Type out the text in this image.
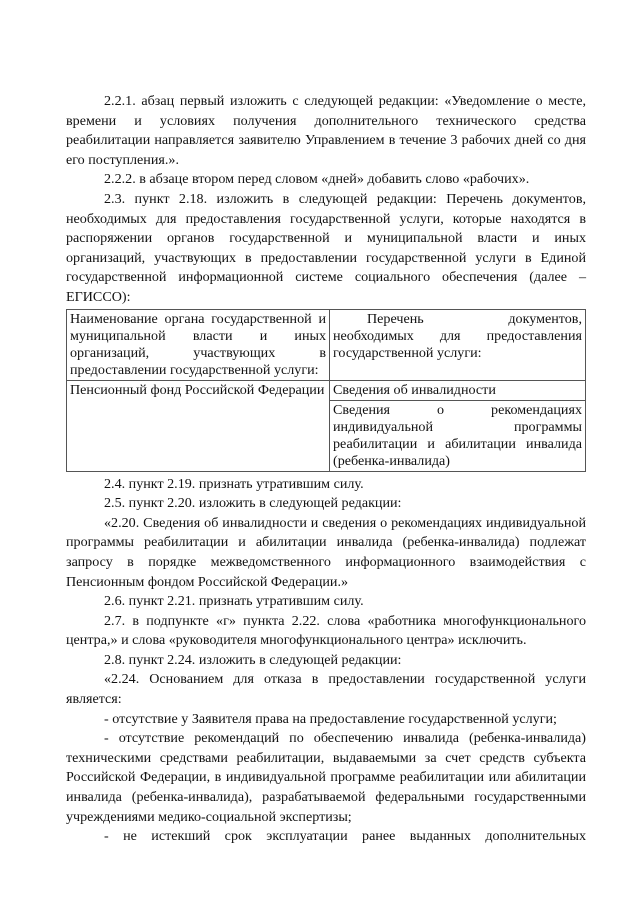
2.2.1. абзац первый изложить с следующей редакции: «Уведомление о месте, времени и условиях получения дополнительного технического средства реабилитации направляется заявителю Управлением в течение 3 рабочих дней со дня его поступления.».

2.2.2. в абзаце втором перед словом «дней» добавить слово «рабочих».

2.3. пункт 2.18. изложить в следующей редакции: Перечень документов, необходимых для предоставления государственной услуги, которые находятся в распоряжении органов государственной и муниципальной власти и иных организаций, участвующих в предоставлении государственной услуги в Единой государственной информационной системе социального обеспечения (далее – ЕГИССО):

Наименование органа государственной и муниципальной власти и иных организаций, участвующих в предоставлении государственной услуги:	Перечень документов, необходимых для предоставления государственной услуги:
Пенсионный фонд Российской Федерации	Сведения об инвалидности
	Сведения о рекомендациях индивидуальной программы реабилитации и абилитации инвалида (ребенка-инвалида)

2.4. пункт 2.19. признать утратившим силу.

2.5. пункт 2.20. изложить в следующей редакции:

«2.20. Сведения об инвалидности и сведения о рекомендациях индивидуальной программы реабилитации и абилитации инвалида (ребенка-инвалида) подлежат запросу в порядке межведомственного информационного взаимодействия с Пенсионным фондом Российской Федерации.»

2.6. пункт 2.21. признать утратившим силу.

2.7. в подпункте «г» пункта 2.22. слова «работника многофункционального центра,» и слова «руководителя многофункционального центра» исключить.

2.8. пункт 2.24. изложить в следующей редакции:

«2.24. Основанием для отказа в предоставлении государственной услуги является:

- отсутствие у Заявителя права на предоставление государственной услуги;

- отсутствие рекомендаций по обеспечению инвалида (ребенка-инвалида) техническими средствами реабилитации, выдаваемыми за счет средств субъекта Российской Федерации, в индивидуальной программе реабилитации или абилитации инвалида (ребенка-инвалида), разрабатываемой федеральными государственными учреждениями медико-социальной экспертизы;

- не истекший срок эксплуатации ранее выданных дополнительных
